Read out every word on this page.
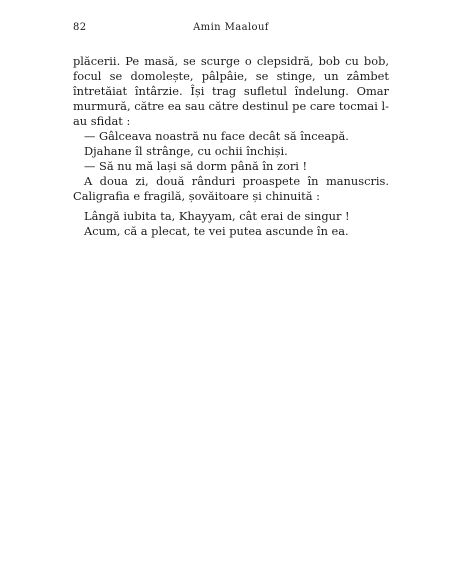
82	Amin Maalouf

plăcerii. Pe masă, se scurge o clepsidră, bob cu bob, focul se domolește, pâlpâie, se stinge, un zâmbet întretăiat întârzie. Își trag sufletul îndelung. Omar murmură, către ea sau către destinul pe care tocmai l-au sfidat :

— Gâlceava noastră nu face decât să înceapă.

Djahane îl strânge, cu ochii închiși.

— Să nu mă lași să dorm până în zori !

A doua zi, două rânduri proaspete în manuscris. Caligrafia e fragilă, șovăitoare și chinuită :

Lângă iubita ta, Khayyam, cât erai de singur !
Acum, că a plecat, te vei putea ascunde în ea.
